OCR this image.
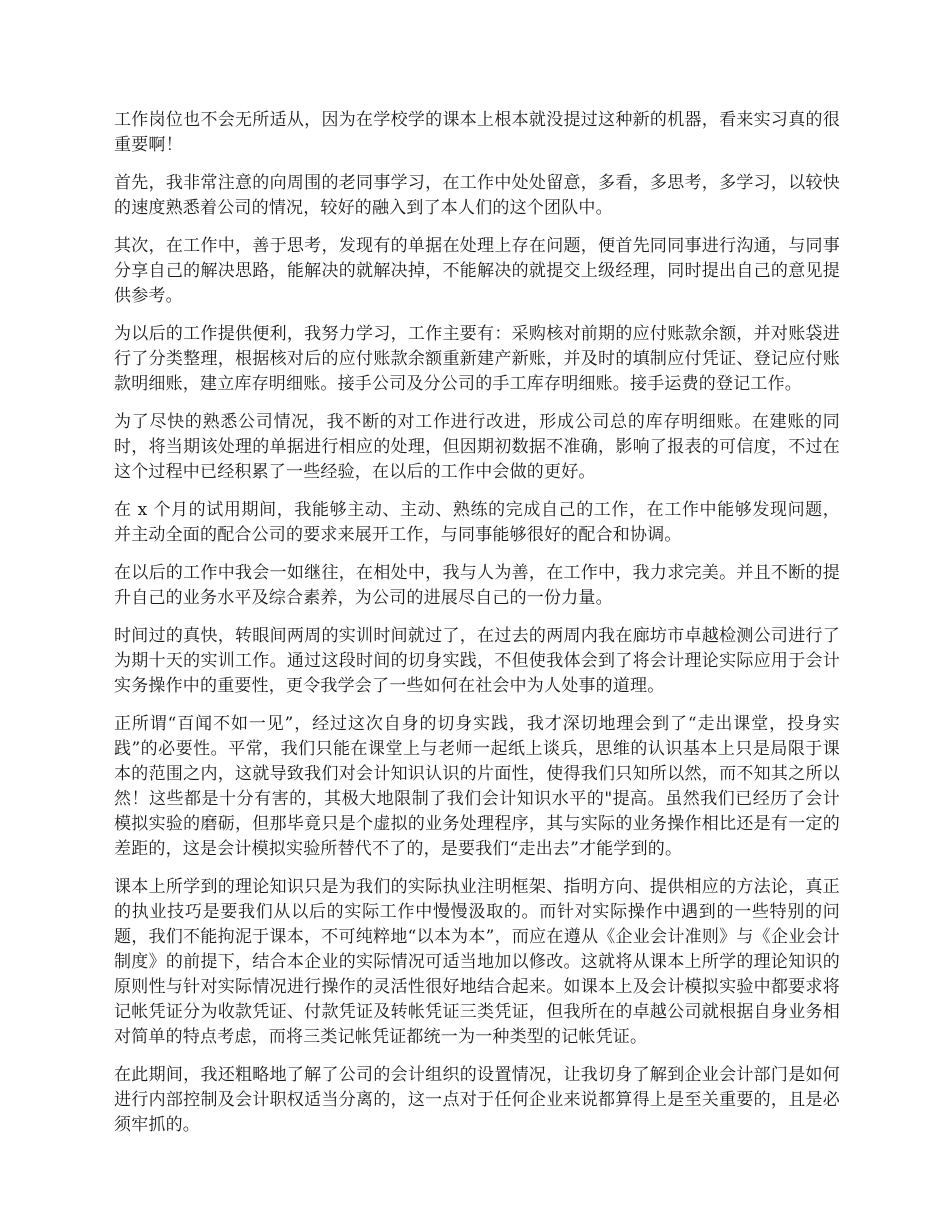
工作岗位也不会无所适从，因为在学校学的课本上根本就没提过这种新的机器，看来实习真的很重要啊！

首先，我非常注意的向周围的老同事学习，在工作中处处留意，多看，多思考，多学习，以较快的速度熟悉着公司的情况，较好的融入到了本人们的这个团队中。

其次，在工作中，善于思考，发现有的单据在处理上存在问题，便首先同同事进行沟通，与同事分享自己的解决思路，能解决的就解决掉，不能解决的就提交上级经理，同时提出自己的意见提供参考。

为以后的工作提供便利，我努力学习，工作主要有：采购核对前期的应付账款余额，并对账袋进行了分类整理，根据核对后的应付账款余额重新建产新账，并及时的填制应付凭证、登记应付账款明细账，建立库存明细账。接手公司及分公司的手工库存明细账。接手运费的登记工作。

为了尽快的熟悉公司情况，我不断的对工作进行改进，形成公司总的库存明细账。在建账的同时，将当期该处理的单据进行相应的处理，但因期初数据不准确，影响了报表的可信度，不过在这个过程中已经积累了一些经验，在以后的工作中会做的更好。

在 x 个月的试用期间，我能够主动、主动、熟练的完成自己的工作，在工作中能够发现问题，并主动全面的配合公司的要求来展开工作，与同事能够很好的配合和协调。

在以后的工作中我会一如继往，在相处中，我与人为善，在工作中，我力求完美。并且不断的提升自己的业务水平及综合素养，为公司的进展尽自己的一份力量。

时间过的真快，转眼间两周的实训时间就过了，在过去的两周内我在廊坊市卓越检测公司进行了为期十天的实训工作。通过这段时间的切身实践，不但使我体会到了将会计理论实际应用于会计实务操作中的重要性，更令我学会了一些如何在社会中为人处事的道理。

正所谓“百闻不如一见”，经过这次自身的切身实践，我才深切地理会到了“走出课堂，投身实践”的必要性。平常，我们只能在课堂上与老师一起纸上谈兵，思维的认识基本上只是局限于课本的范围之内，这就导致我们对会计知识认识的片面性，使得我们只知所以然，而不知其之所以然！这些都是十分有害的，其极大地限制了我们会计知识水平的"提高。虽然我们已经历了会计模拟实验的磨砺，但那毕竟只是个虚拟的业务处理程序，其与实际的业务操作相比还是有一定的差距的，这是会计模拟实验所替代不了的，是要我们“走出去”才能学到的。

课本上所学到的理论知识只是为我们的实际执业注明框架、指明方向、提供相应的方法论，真正的执业技巧是要我们从以后的实际工作中慢慢汲取的。而针对实际操作中遇到的一些特别的问题，我们不能拘泥于课本，不可纯粹地“以本为本”，而应在遵从《企业会计准则》与《企业会计制度》的前提下，结合本企业的实际情况可适当地加以修改。这就将从课本上所学的理论知识的原则性与针对实际情况进行操作的灵活性很好地结合起来。如课本上及会计模拟实验中都要求将记帐凭证分为收款凭证、付款凭证及转帐凭证三类凭证，但我所在的卓越公司就根据自身业务相对简单的特点考虑，而将三类记帐凭证都统一为一种类型的记帐凭证。

在此期间，我还粗略地了解了公司的会计组织的设置情况，让我切身了解到企业会计部门是如何进行内部控制及会计职权适当分离的，这一点对于任何企业来说都算得上是至关重要的，且是必须牢抓的。
